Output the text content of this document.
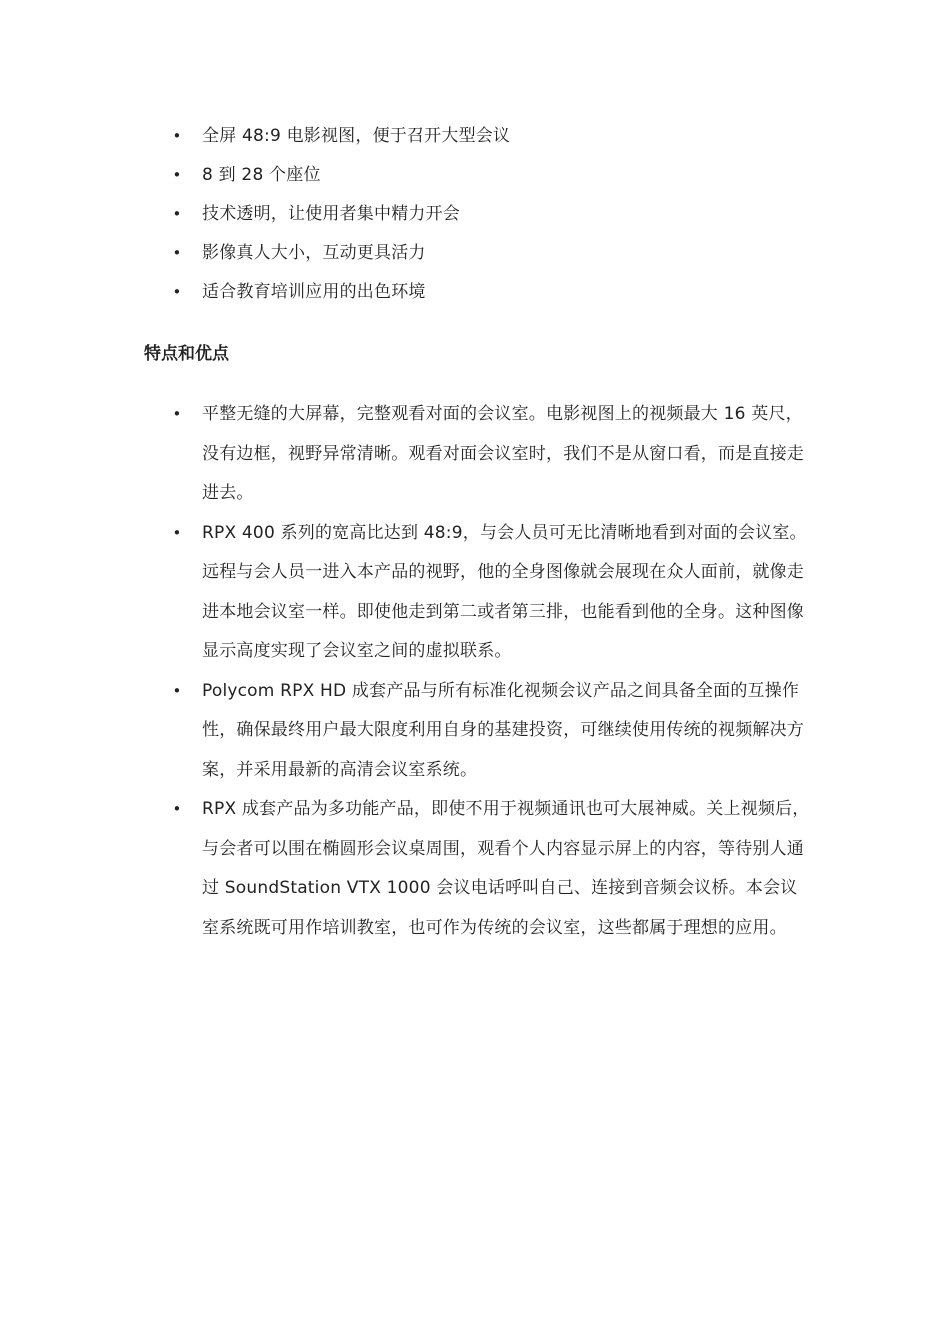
• 全屏 48:9 电影视图，便于召开大型会议
• 8 到 28 个座位
• 技术透明，让使用者集中精力开会
• 影像真人大小，互动更具活力
• 适合教育培训应用的出色环境
特点和优点
• 平整无缝的大屏幕，完整观看对面的会议室。电影视图上的视频最大 16 英尺，没有边框，视野异常清晰。观看对面会议室时，我们不是从窗口看，而是直接走进去。
• RPX 400 系列的宽高比达到 48:9，与会人员可无比清晰地看到对面的会议室。远程与会人员一进入本产品的视野，他的全身图像就会展现在众人面前，就像走进本地会议室一样。即使他走到第二或者第三排，也能看到他的全身。这种图像显示高度实现了会议室之间的虚拟联系。
• Polycom RPX HD 成套产品与所有标准化视频会议产品之间具备全面的互操作性，确保最终用户最大限度利用自身的基建投资，可继续使用传统的视频解决方案，并采用最新的高清会议室系统。
• RPX 成套产品为多功能产品，即使不用于视频通讯也可大展神威。关上视频后，与会者可以围在椭圆形会议桌周围，观看个人内容显示屏上的内容，等待别人通过 SoundStation VTX 1000 会议电话呼叫自己、连接到音频会议桥。本会议室系统既可用作培训教室，也可作为传统的会议室，这些都属于理想的应用。
